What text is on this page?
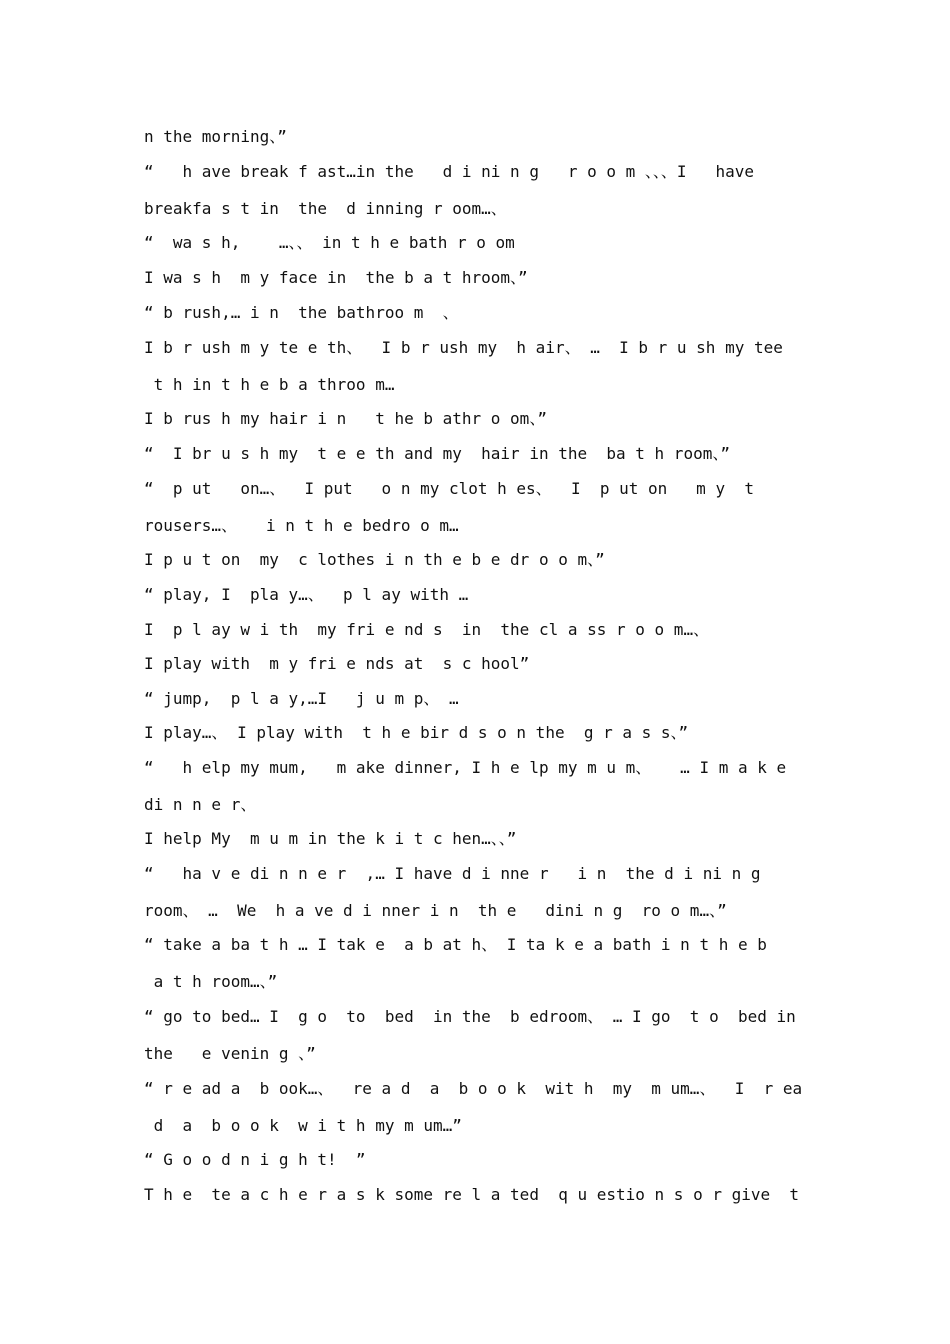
n the morning、”

“   h ave break f ast…in the   d i ni n g   r o o m 、、、I   have

breakfa s t in  the  d inning r oom…、

“  wa s h,    …、、 in t h e bath r o om

I wa s h  m y face in  the b a t hroom、”

“ b rush,… i n  the bathroo m  、

I b r ush m y te e th、  I b r ush my  h air、 …  I b r u sh my tee

t h in t h e b a throo m…

I b rus h my hair i n   t he b athr o om、”

“  I br u s h my  t e e th and my  hair in the  ba t h room、”

“  p ut   on…、  I put   o n my clot h es、  I  p ut on   m y  t

rousers…、   i n t h e bedro o m…

I p u t on  my  c lothes i n th e b e dr o o m、”

“ play, I  pla y…、  p l ay with …

I  p l ay w i th  my fri e nd s  in  the cl a ss r o o m…、

I play with  m y fri e nds at  s c hool”

“ jump,  p l a y,…I   j u m p、 …

I play…、 I play with  t h e bir d s o n the  g r a s s、”

“   h elp my mum,   m ake dinner, I h e lp my m u m、   … I m a k e

di n n e r、

I help My  m u m in the k i t c hen…、、”

“   ha v e di n n e r  ,… I have d i nne r   i n  the d i ni n g

room、 …  We  h a ve d i nner i n  th e   dini n g  ro o m…、”

“ take a ba t h … I tak e  a b at h、 I ta k e a bath i n t h e b

a t h room…、”

“ go to bed… I  g o  to  bed  in the  b edroom、 … I go  t o  bed in

the   e venin g 、”

“ r e ad a  b ook…、  re a d  a  b o o k  wit h  my  m um…、  I  r ea

d  a  b o o k  w i t h my m um…”

“ G o o d n i g h t!  ”

T h e  te a c h e r a s k some re l a ted  q u estio n s o r give  t
